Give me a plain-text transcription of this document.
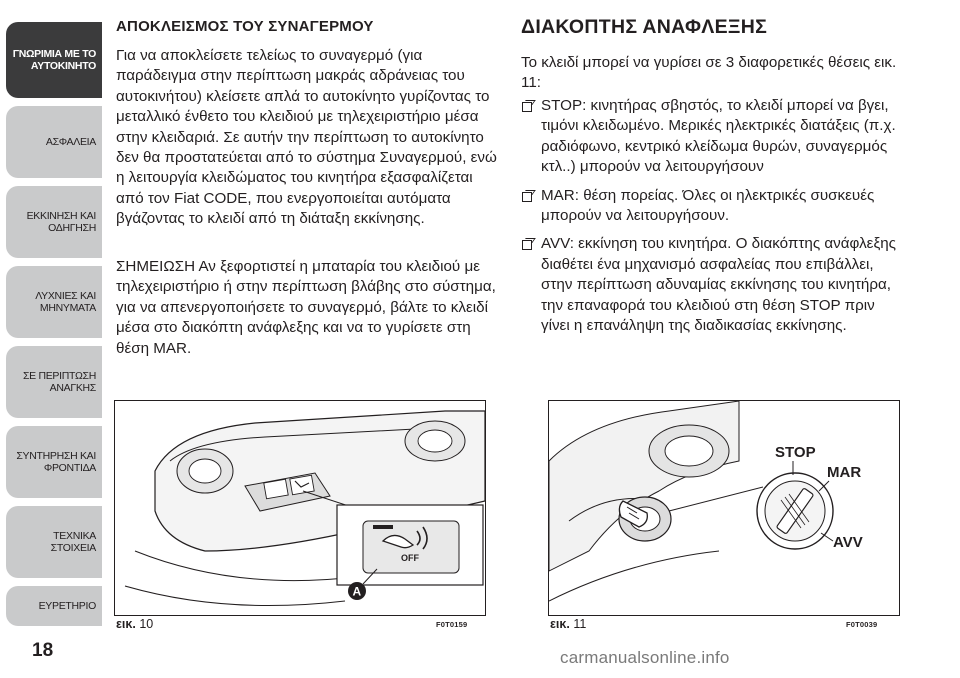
ΓΝΩΡΙΜΙΑ ΜΕ ΤΟ
ΑΥΤΟΚΙΝΗΤΟ
ΑΣΦΑΛΕΙΑ
ΕΚΚΙΝΗΣΗ ΚΑΙ
ΟΔΗΓΗΣΗ
ΛΥΧΝΙΕΣ ΚΑΙ
ΜΗΝΥΜΑΤΑ
ΣΕ ΠΕΡΙΠΤΩΣΗ
ΑΝΑΓΚΗΣ
ΣΥΝΤΗΡΗΣΗ ΚΑΙ
ΦΡΟΝΤΙΔΑ
ΤΕΧΝΙΚΑ ΣΤΟΙΧΕΙΑ
ΕΥΡΕΤΗΡΙΟ
18
ΑΠΟΚΛΕΙΣΜΟΣ ΤΟΥ ΣΥΝΑΓΕΡΜΟΥ

Για να αποκλείσετε τελείως το συναγερμό (για παράδειγμα στην περίπτωση μακράς αδράνειας του αυτοκινήτου) κλείσετε απλά το αυτοκίνητο γυρίζοντας το μεταλλικό ένθετο του κλειδιού με τηλεχειριστήριο μέσα στην κλειδαριά. Σε αυτήν την περίπτωση το αυτοκίνητο δεν θα προστατεύεται από το σύστημα Συναγερμού, ενώ η λειτουργία κλειδώματος του κινητήρα εξασφαλίζεται από τον Fiat CODE, που ενεργοποιείται αυτόματα βγάζοντας το κλειδί από τη διάταξη εκκίνησης.

ΣΗΜΕΙΩΣΗ Αν ξεφορτιστεί η μπαταρία του κλειδιού με τηλεχειριστήριο ή στην περίπτωση βλάβης στο σύστημα, για να απενεργοποιήσετε το συναγερμό, βάλτε το κλειδί μέσα στο διακόπτη ανάφλεξης και να το γυρίσετε στη θέση MAR.

ΔΙΑΚΟΠΤΗΣ ΑΝΑΦΛΕΞΗΣ

Το κλειδί μπορεί να γυρίσει σε 3 διαφορετικές θέσεις εικ. 11:

STOP: κινητήρας σβηστός, το κλειδί μπορεί να βγει, τιμόνι κλειδωμένο. Μερικές ηλεκτρικές διατάξεις (π.χ. ραδιόφωνο, κεντρικό κλείδωμα θυρών, συναγερμός κτλ..) μπορούν να λειτουργήσουν
MAR: θέση πορείας. Όλες οι ηλεκτρικές συσκευές μπορούν να λειτουργήσουν.
AVV: εκκίνηση του κινητήρα. Ο διακόπτης ανάφλεξης διαθέτει ένα μηχανισμό ασφαλείας που επιβάλλει, στην περίπτωση αδυναμίας εκκίνησης του κινητήρα, την επαναφορά του κλειδιού στη θέση STOP πριν γίνει η επανάληψη της διαδικασίας εκκίνησης.
OFF
A
εικ. 10	F0T0159
STOP
MAR
AVV
εικ. 11	F0T0039
carmanualsonline.info
